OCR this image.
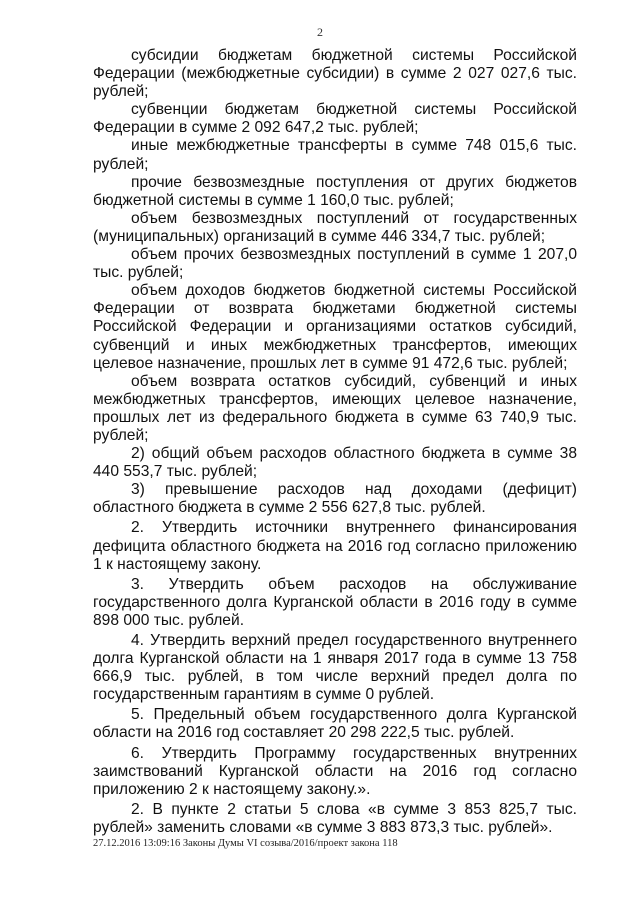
2

субсидии бюджетам бюджетной системы Российской Федерации (межбюджетные субсидии) в сумме 2 027 027,6 тыс. рублей;

субвенции бюджетам бюджетной системы Российской Федерации в сумме 2 092 647,2 тыс. рублей;

иные межбюджетные трансферты в сумме 748 015,6 тыс. рублей;

прочие безвозмездные поступления от других бюджетов бюджетной системы в сумме 1 160,0 тыс. рублей;

объем безвозмездных поступлений от государственных (муниципальных) организаций в сумме 446 334,7 тыс. рублей;

объем прочих безвозмездных поступлений в сумме 1 207,0 тыс. рублей;

объем доходов бюджетов бюджетной системы Российской Федерации от возврата бюджетами бюджетной системы Российской Федерации и организациями остатков субсидий, субвенций и иных межбюджетных трансфертов, имеющих целевое назначение, прошлых лет в сумме 91 472,6 тыс. рублей;

объем возврата остатков субсидий, субвенций и иных межбюджетных трансфертов, имеющих целевое назначение, прошлых лет из федерального бюджета в сумме 63 740,9 тыс. рублей;

2) общий объем расходов областного бюджета в сумме 38 440 553,7 тыс. рублей;

3) превышение расходов над доходами (дефицит) областного бюджета в сумме 2 556 627,8 тыс. рублей.

2. Утвердить источники внутреннего финансирования дефицита областного бюджета на 2016 год согласно приложению 1 к настоящему закону.

3. Утвердить объем расходов на обслуживание государственного долга Курганской области в 2016 году в сумме 898 000 тыс. рублей.

4. Утвердить верхний предел государственного внутреннего долга Курганской области на 1 января 2017 года в сумме 13 758 666,9 тыс. рублей, в том числе верхний предел долга по государственным гарантиям в сумме 0 рублей.

5. Предельный объем государственного долга Курганской области на 2016 год составляет 20 298 222,5 тыс. рублей.

6. Утвердить Программу государственных внутренних заимствований Курганской области на 2016 год согласно приложению 2 к настоящему закону.».

2. В пункте 2 статьи 5 слова «в сумме 3 853 825,7 тыс. рублей» заменить словами «в сумме 3 883 873,3 тыс. рублей».

27.12.2016 13:09:16 Законы Думы VI созыва/2016/проект закона 118
